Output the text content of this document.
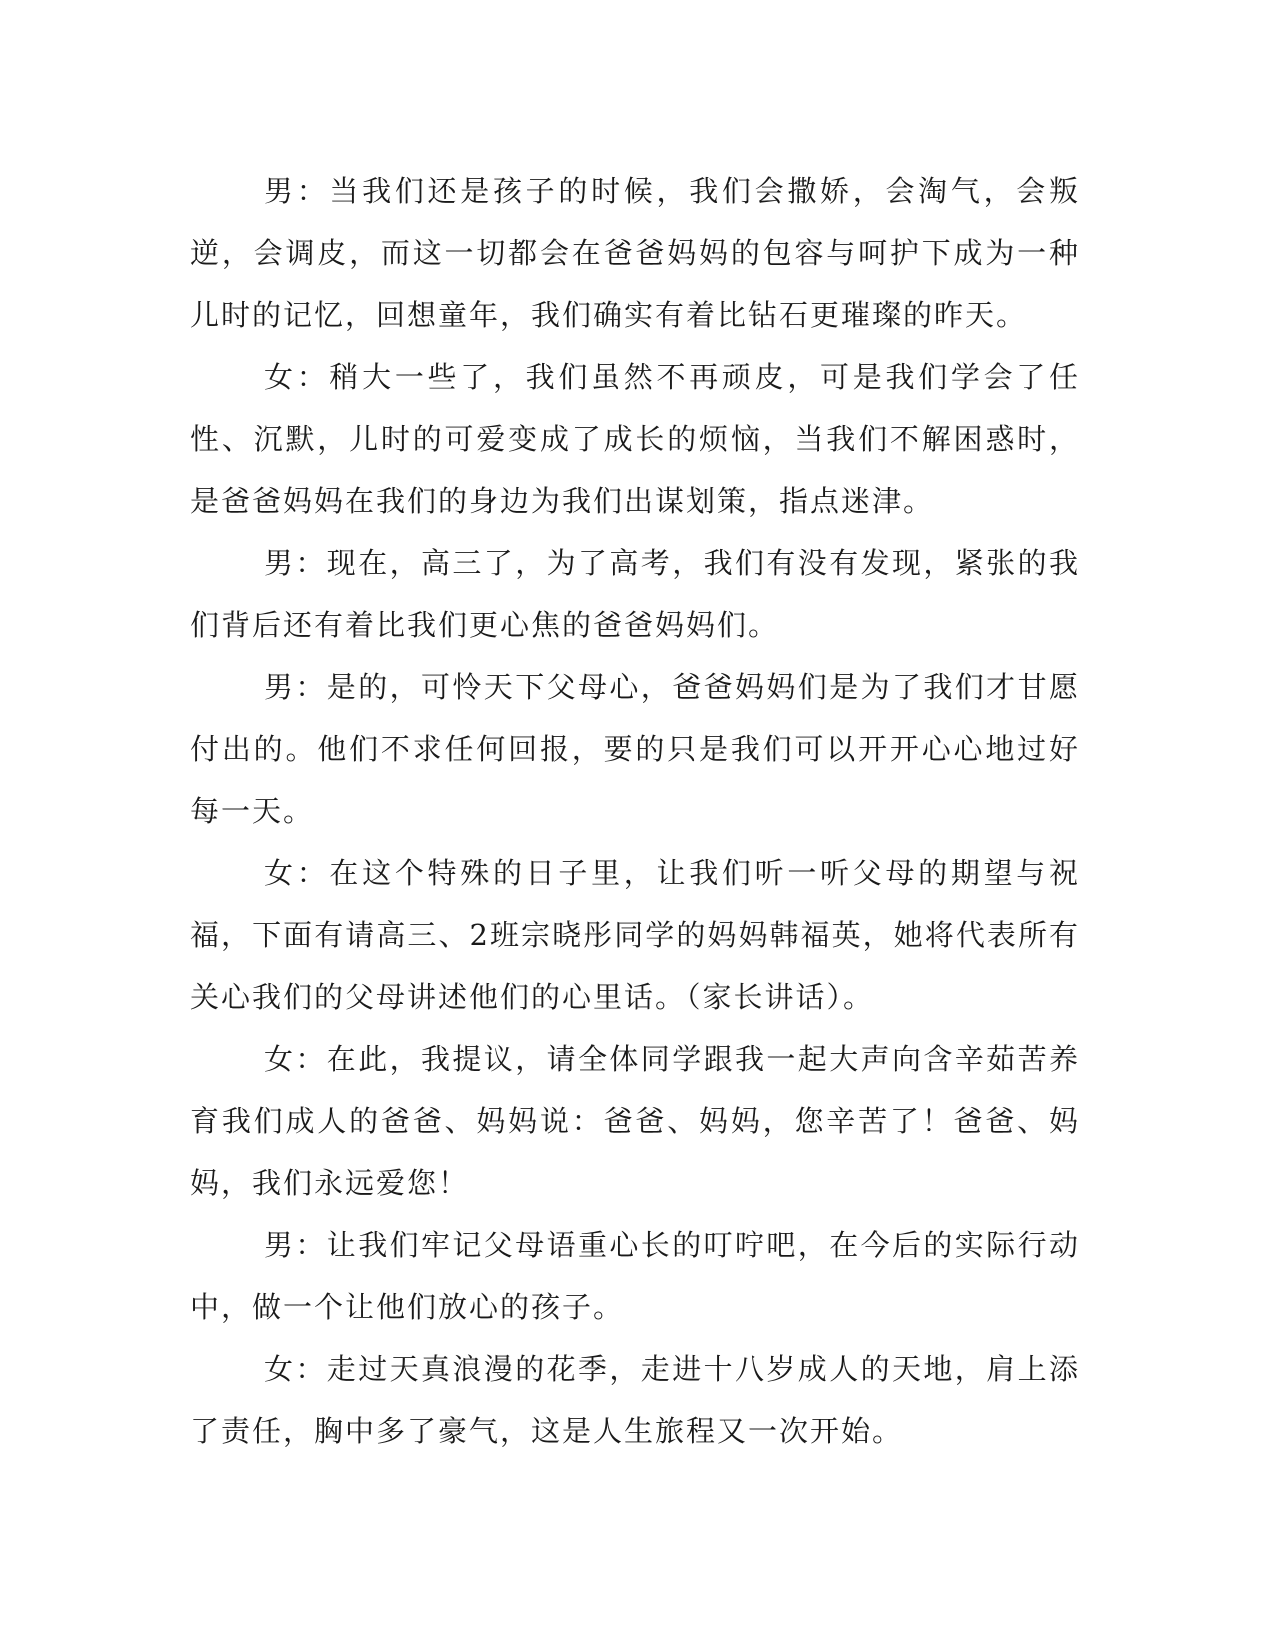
男：当我们还是孩子的时候，我们会撒娇，会淘气，会叛逆，会调皮，而这一切都会在爸爸妈妈的包容与呵护下成为一种儿时的记忆，回想童年，我们确实有着比钻石更璀璨的昨天。

女：稍大一些了，我们虽然不再顽皮，可是我们学会了任性、沉默，儿时的可爱变成了成长的烦恼，当我们不解困惑时，是爸爸妈妈在我们的身边为我们出谋划策，指点迷津。

男：现在，高三了，为了高考，我们有没有发现，紧张的我们背后还有着比我们更心焦的爸爸妈妈们。

男：是的，可怜天下父母心，爸爸妈妈们是为了我们才甘愿付出的。他们不求任何回报，要的只是我们可以开开心心地过好每一天。

女：在这个特殊的日子里，让我们听一听父母的期望与祝福，下面有请高三、2班宗晓彤同学的妈妈韩福英，她将代表所有关心我们的父母讲述他们的心里话。（家长讲话）。

女：在此，我提议，请全体同学跟我一起大声向含辛茹苦养育我们成人的爸爸、妈妈说：爸爸、妈妈，您辛苦了！爸爸、妈妈，我们永远爱您！

男：让我们牢记父母语重心长的叮咛吧，在今后的实际行动中，做一个让他们放心的孩子。

女：走过天真浪漫的花季，走进十八岁成人的天地，肩上添了责任，胸中多了豪气，这是人生旅程又一次开始。
